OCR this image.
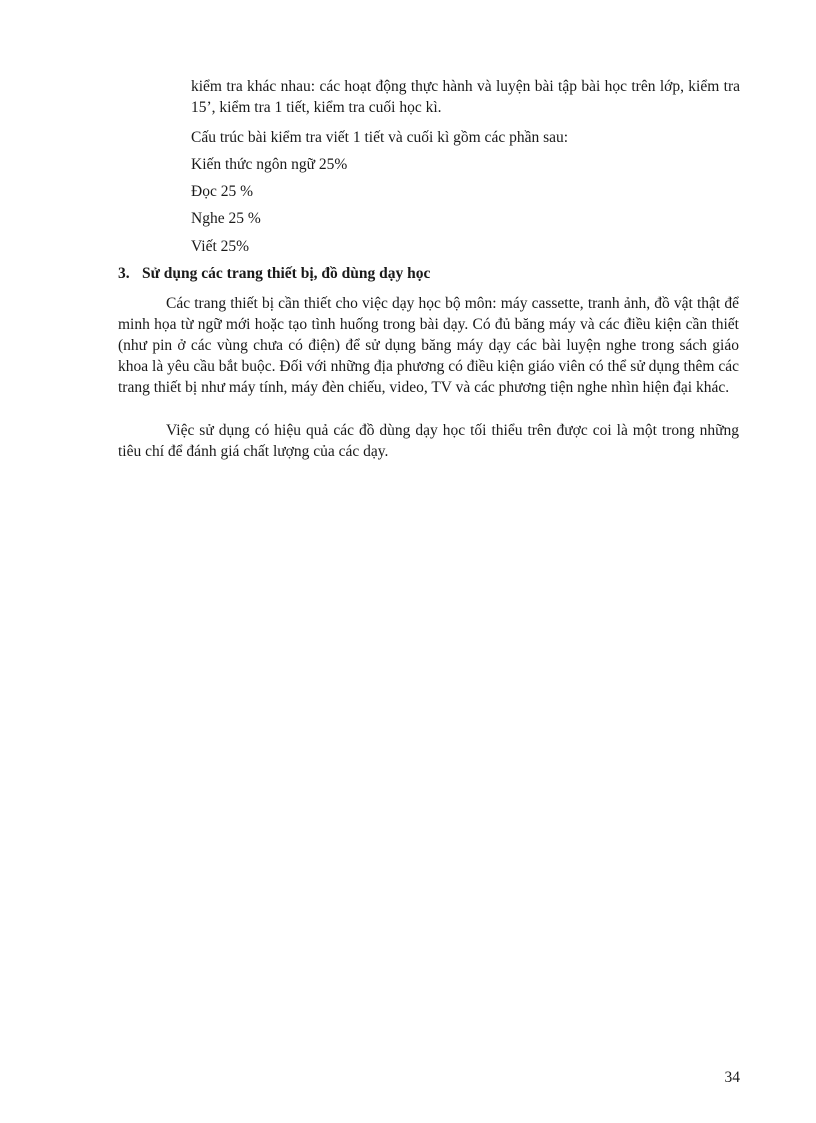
kiểm tra khác nhau: các hoạt động thực hành và luyện bài tập bài học trên lớp, kiểm tra 15’, kiểm tra 1 tiết, kiểm tra cuối học kì.

Cấu trúc bài kiểm tra viết 1 tiết và cuối kì gồm các phần sau:

Kiến thức ngôn ngữ 25%

Đọc 25 %

Nghe 25 %

Viết 25%

3. Sử dụng các trang thiết bị, đồ dùng dạy học

Các trang thiết bị cần thiết cho việc dạy học bộ môn: máy cassette, tranh ảnh, đồ vật thật để minh họa từ ngữ mới hoặc tạo tình huống trong bài dạy. Có đủ băng máy và các điều kiện cần thiết (như pin ở các vùng chưa có điện) để sử dụng băng máy dạy các bài luyện nghe trong sách giáo khoa là yêu cầu bắt buộc. Đối với những địa phương có điều kiện giáo viên có thể sử dụng thêm các trang thiết bị như máy tính, máy đèn chiếu, video, TV và các phương tiện nghe nhìn hiện đại khác.

Việc sử dụng có hiệu quả các đồ dùng dạy học tối thiểu trên được coi là một trong những tiêu chí để đánh giá chất lượng của các dạy.

34
